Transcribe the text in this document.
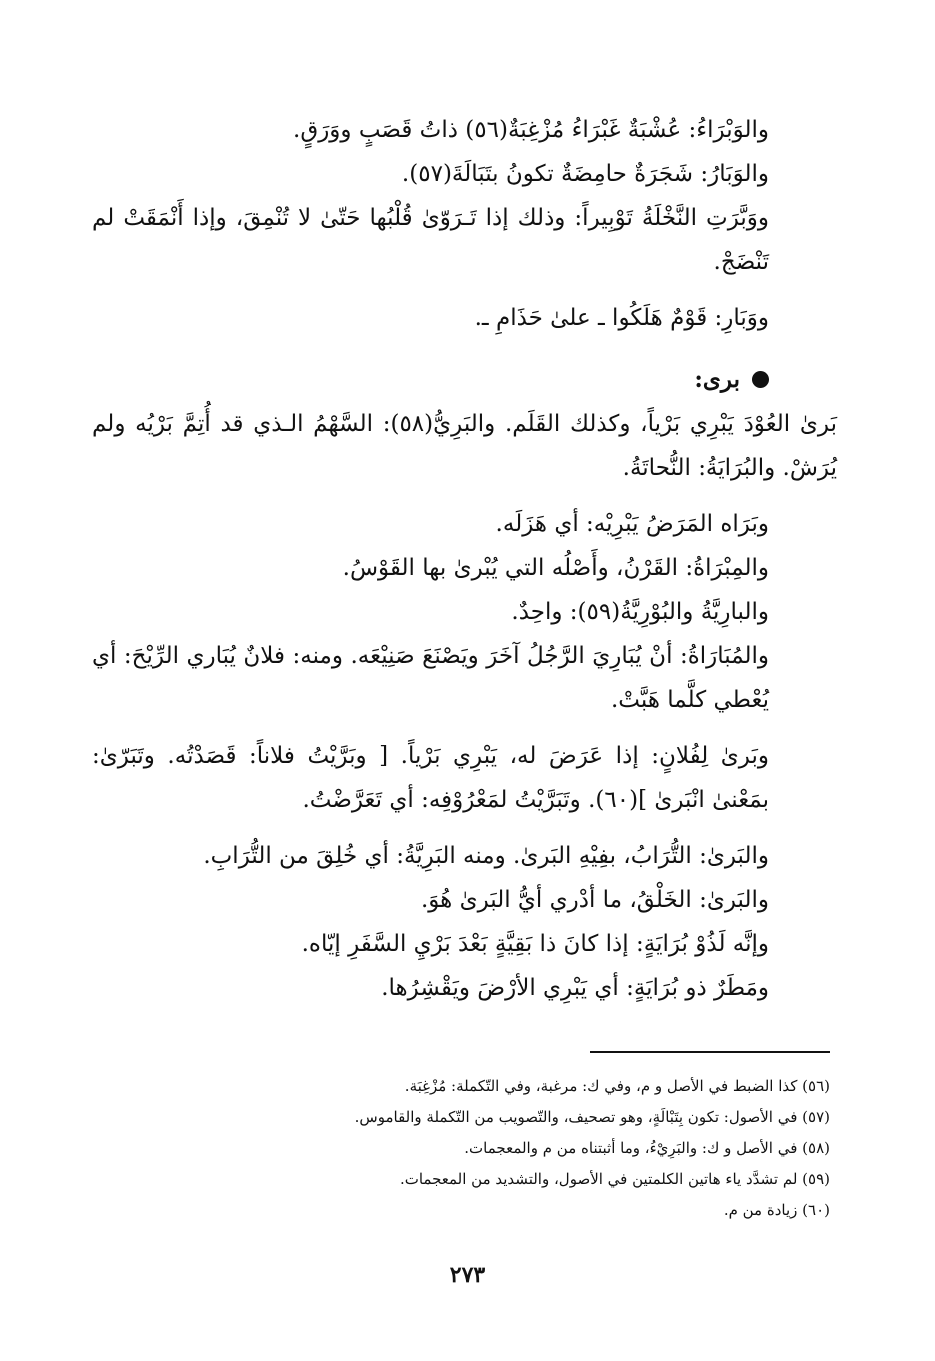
والوَبْرَاءُ: عُشْبَةٌ غَبْرَاءُ مُزْغِبَةٌ(٥٦) ذاتُ قَصَبٍ ووَرَقٍ.

والوَبَارُ: شَجَرَةٌ حامِضَةٌ تكونُ بتَبَالَةَ(٥٧).

ووَبَّرَتِ النَّخْلَةُ تَوْبِيراً: وذلك إذا تَـرَوّىٰ قُلْبُها حَتّىٰ لا تُنْمِقَ، وإذا أَنْمَقَتْ لم تَنْضَجْ.

ووَبَارِ: قَوْمٌ هَلَكُوا ـ علىٰ حَذَامِ ـ.

برى:

بَرىٰ العُوْدَ يَبْرِي بَرْياً، وكذلك القَلَم. والبَرِيُّ(٥٨): السَّهْمُ الـذي قد أُتِمَّ بَرْيُه ولم يُرَشْ. والبُرَايَةُ: النُّحاتَةُ.

وبَرَاه المَرَضُ يَبْرِيْه: أي هَزَلَه.

والمِبْرَاةُ: القَرْنُ، وأَصْلُه التي يُبْرىٰ بها القَوْسُ.

والبارِيَّةُ والبُوْرِيَّةُ(٥٩): واحِدٌ.

والمُبَارَاةُ: أنْ يُبَارِيَ الرَّجُلُ آخَرَ ويَصْنَعَ صَنِيْعَه. ومنه: فلانٌ يُبَاري الرِّيْحَ: أي يُعْطي كلَّما هَبَّتْ.

وبَرىٰ لِفُلانٍ: إذا عَرَضَ له، يَبْرِي بَرْياً. [ وبَرَّيْتُ فلاناً: قَصَدْتُه. وتَبَرّىٰ: بمَعْنىٰ انْبَرىٰ ](٦٠). وتَبَرَّيْتُ لمَعْرُوْفِه: أي تَعَرَّضْتُ.

والبَرىٰ: التُّرَابُ، بفِيْهِ البَرىٰ. ومنه البَرِيَّةُ: أي خُلِقَ من التُّرَابِ.

والبَرىٰ: الخَلْقُ، ما أدْري أيُّ البَرىٰ هُوَ.

وإنَّه لَذُوْ بُرَايَةٍ: إذا كانَ ذا بَقِيَّةٍ بَعْدَ بَرْيِ السَّفَرِ إيّاه.

ومَطَرٌ ذو بُرَايَةٍ: أي يَبْرِي الأرْضَ ويَقْشِرُها.

(٥٦) كذا الضبط في الأصل و م، وفي ك: مرغبة، وفي التّكملة: مُزْغِبَة.

(٥٧) في الأصول: تكون بِتَبْالَةٍ، وهو تصحيف، والتّصويب من التّكملة والقاموس.

(٥٨) في الأصل و ك: والبَرِيْءُ، وما أثبتناه من م والمعجمات.

(٥٩) لم تشدَّد ياء هاتين الكلمتين في الأصول، والتشديد من المعجمات.

(٦٠) زيادة من م.

٢٧٣
